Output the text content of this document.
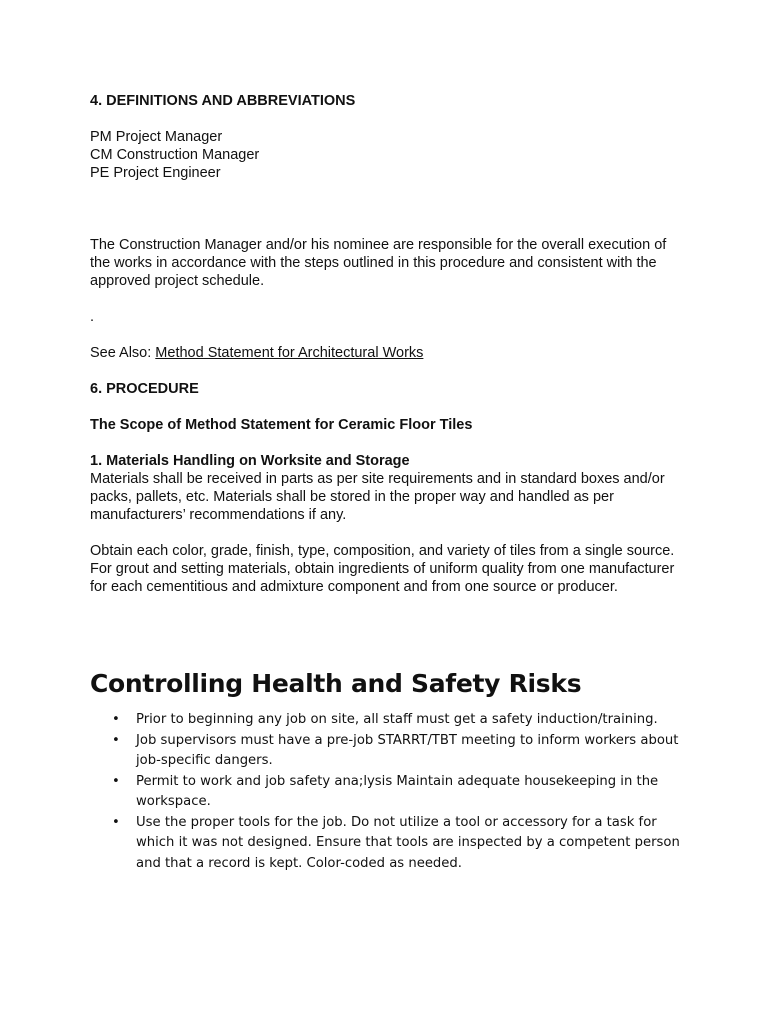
4. DEFINITIONS AND ABBREVIATIONS
PM Project Manager
CM Construction Manager
PE Project Engineer

The Construction Manager and/or his nominee are responsible for the overall execution of the works in accordance with the steps outlined in this procedure and consistent with the approved project schedule.

.

See Also: Method Statement for Architectural Works

6. PROCEDURE
The Scope of Method Statement for Ceramic Floor Tiles
1. Materials Handling on Worksite and Storage

Materials shall be received in parts as per site requirements and in standard boxes and/or packs, pallets, etc. Materials shall be stored in the proper way and handled as per manufacturers’ recommendations if any.

Obtain each color, grade, finish, type, composition, and variety of tiles from a single source. For grout and setting materials, obtain ingredients of uniform quality from one manufacturer for each cementitious and admixture component and from one source or producer.

Controlling Health and Safety Risks
• Prior to beginning any job on site, all staff must get a safety induction/training.
• Job supervisors must have a pre-job STARRT/TBT meeting to inform workers about job-specific dangers.
• Permit to work and job safety ana;lysis Maintain adequate housekeeping in the workspace.
• Use the proper tools for the job. Do not utilize a tool or accessory for a task for which it was not designed. Ensure that tools are inspected by a competent person and that a record is kept. Color-coded as needed.
